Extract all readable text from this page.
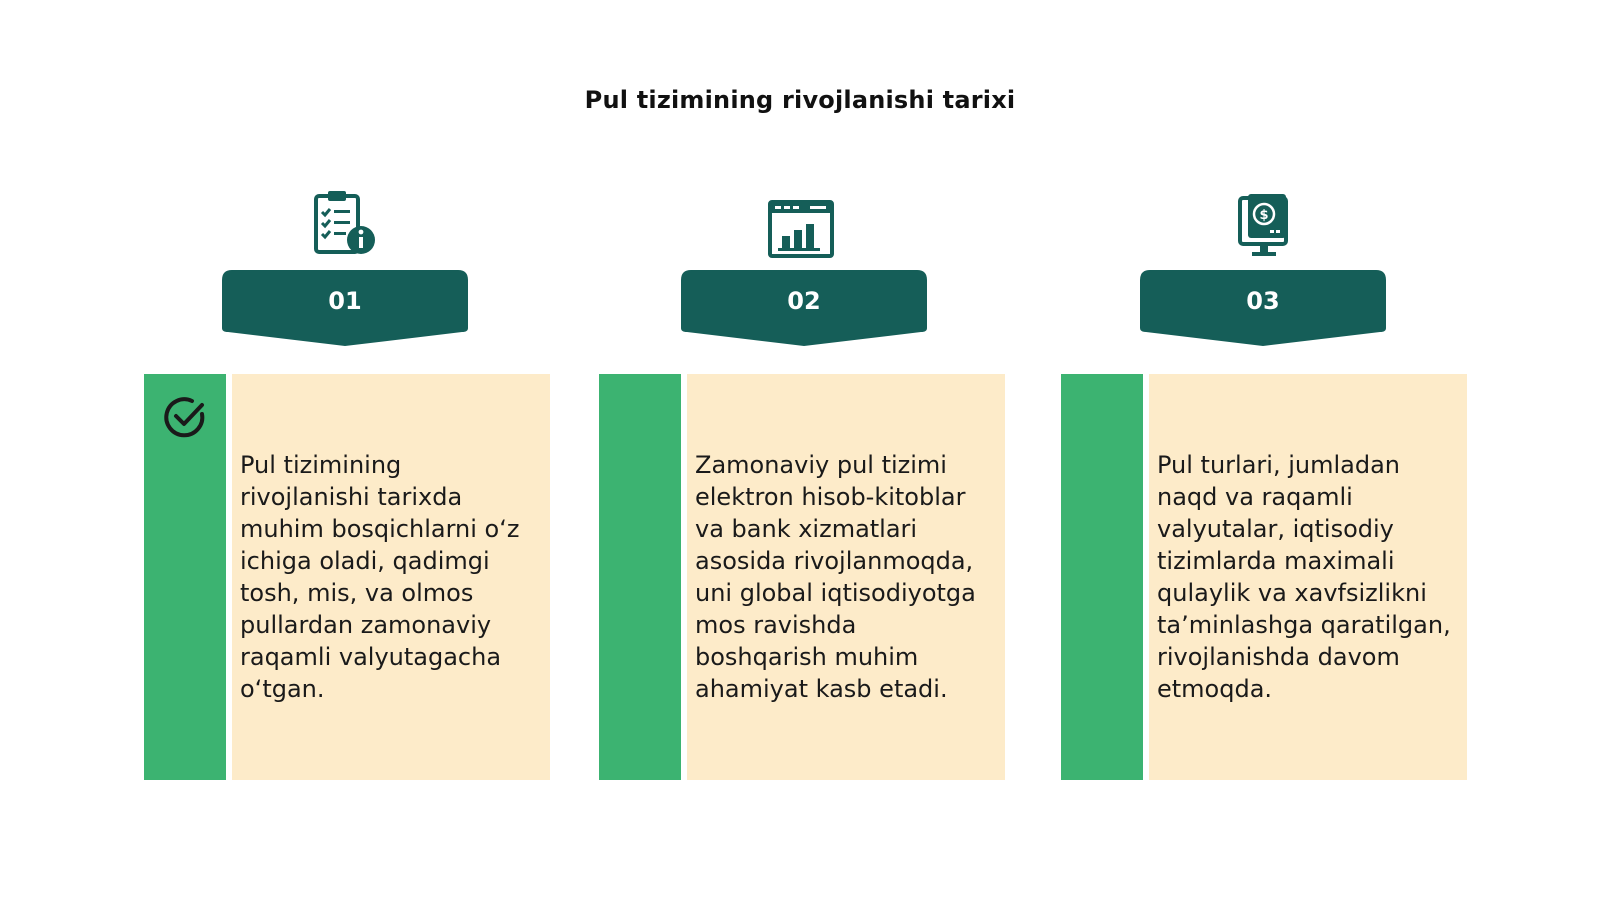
Pul tizimining rivojlanishi tarixi
01
Pul tizimining rivojlanishi tarixda muhim bosqichlarni o‘z ichiga oladi, qadimgi tosh, mis, va olmos pullardan zamonaviy raqamli valyutagacha o‘tgan.
02
Zamonaviy pul tizimi elektron hisob-kitoblar va bank xizmatlari asosida rivojlanmoqda, uni global iqtisodiyotga mos ravishda boshqarish muhim ahamiyat kasb etadi.
$
03
Pul turlari, jumladan naqd va raqamli valyutalar, iqtisodiy tizimlarda maximali qulaylik va xavfsizlikni ta’minlashga qaratilgan, rivojlanishda davom etmoqda.
